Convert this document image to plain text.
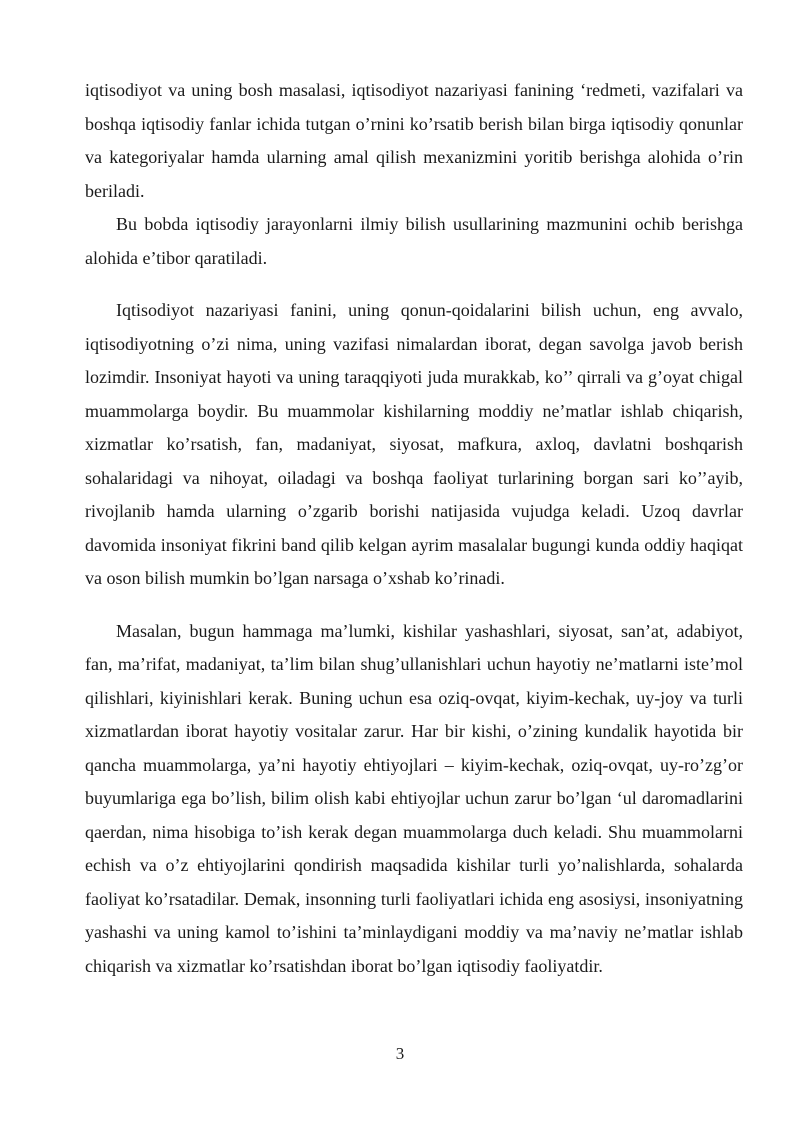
iqtisodiyot va uning bosh masalasi, iqtisodiyot nazariyasi fanining ‘redmeti, vazifalari va boshqa iqtisodiy fanlar ichida tutgan o’rnini ko’rsatib berish bilan birga iqtisodiy qonunlar va kategoriyalar hamda ularning amal qilish mexanizmini yoritib berishga alohida o’rin beriladi.

Bu bobda iqtisodiy jarayonlarni ilmiy bilish usullarining mazmunini ochib berishga alohida e’tibor qaratiladi.

Iqtisodiyot nazariyasi fanini, uning qonun-qoidalarini bilish uchun, eng avvalo, iqtisodiyotning o’zi nima, uning vazifasi nimalardan iborat, degan savolga javob berish lozimdir. Insoniyat hayoti va uning taraqqiyoti juda murakkab, ko’’ qirrali va g’oyat chigal muammolarga boydir. Bu muammolar kishilarning moddiy ne’matlar ishlab chiqarish, xizmatlar ko’rsatish, fan, madaniyat, siyosat, mafkura, axloq, davlatni boshqarish sohalaridagi va nihoyat, oiladagi va boshqa faoliyat turlarining borgan sari ko’’ayib, rivojlanib hamda ularning o’zgarib borishi natijasida vujudga keladi. Uzoq davrlar davomida insoniyat fikrini band qilib kelgan ayrim masalalar bugungi kunda oddiy haqiqat va oson bilish mumkin bo’lgan narsaga o’xshab ko’rinadi.

Masalan, bugun hammaga ma’lumki, kishilar yashashlari, siyosat, san’at, adabiyot, fan, ma’rifat, madaniyat, ta’lim bilan shug’ullanishlari uchun hayotiy ne’matlarni iste’mol qilishlari, kiyinishlari kerak. Buning uchun esa oziq-ovqat, kiyim-kechak, uy-joy va turli xizmatlardan iborat hayotiy vositalar zarur. Har bir kishi, o’zining kundalik hayotida bir qancha muammolarga, ya’ni hayotiy ehtiyojlari – kiyim-kechak, oziq-ovqat, uy-ro’zg’or buyumlariga ega bo’lish, bilim olish kabi ehtiyojlar uchun zarur bo’lgan ‘ul daromadlarini qaerdan, nima hisobiga to’ish kerak degan muammolarga duch keladi. Shu muammolarni echish va o’z ehtiyojlarini qondirish maqsadida kishilar turli yo’nalishlarda, sohalarda faoliyat ko’rsatadilar. Demak, insonning turli faoliyatlari ichida eng asosiysi, insoniyatning yashashi va uning kamol to’ishini ta’minlaydigani moddiy va ma’naviy ne’matlar ishlab chiqarish va xizmatlar ko’rsatishdan iborat bo’lgan iqtisodiy faoliyatdir.

3
